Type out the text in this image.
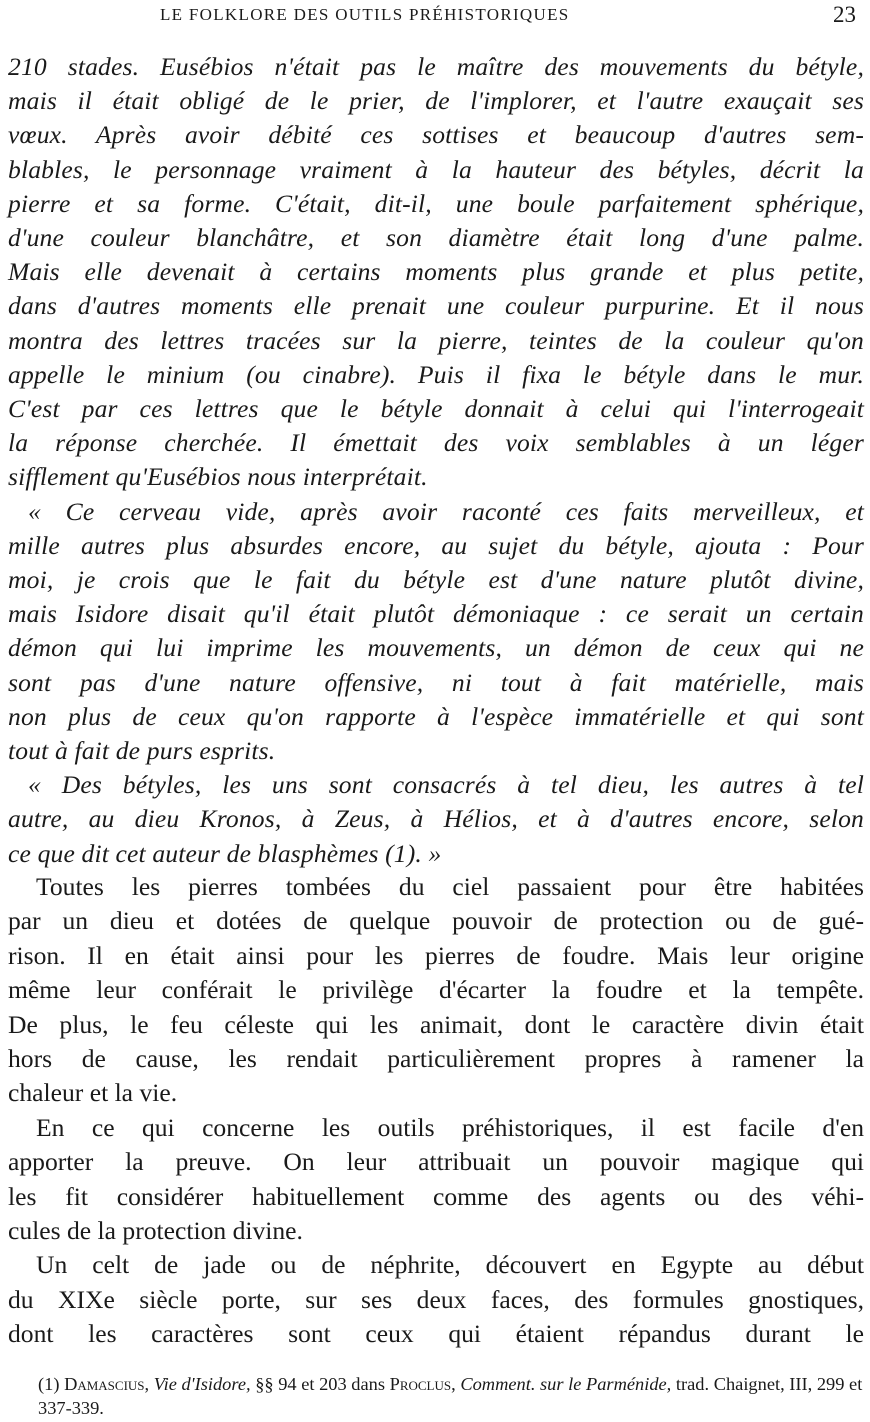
LE FOLKLORE DES OUTILS PRÉHISTORIQUES	23
210 stades. Eusébios n'était pas le maître des mouvements du bétyle,
mais il était obligé de le prier, de l'implorer, et l'autre exauçait ses
vœux. Après avoir débité ces sottises et beaucoup d'autres sem-
blables, le personnage vraiment à la hauteur des bétyles, décrit la
pierre et sa forme. C'était, dit-il, une boule parfaitement sphérique,
d'une couleur blanchâtre, et son diamètre était long d'une palme.
Mais elle devenait à certains moments plus grande et plus petite,
dans d'autres moments elle prenait une couleur purpurine. Et il nous
montra des lettres tracées sur la pierre, teintes de la couleur qu'on
appelle le minium (ou cinabre). Puis il fixa le bétyle dans le mur.
C'est par ces lettres que le bétyle donnait à celui qui l'interrogeait
la réponse cherchée. Il émettait des voix semblables à un léger
sifflement qu'Eusébios nous interprétait.
« Ce cerveau vide, après avoir raconté ces faits merveilleux, et
mille autres plus absurdes encore, au sujet du bétyle, ajouta : Pour
moi, je crois que le fait du bétyle est d'une nature plutôt divine,
mais Isidore disait qu'il était plutôt démoniaque : ce serait un certain
démon qui lui imprime les mouvements, un démon de ceux qui ne
sont pas d'une nature offensive, ni tout à fait matérielle, mais
non plus de ceux qu'on rapporte à l'espèce immatérielle et qui sont
tout à fait de purs esprits.
« Des bétyles, les uns sont consacrés à tel dieu, les autres à tel
autre, au dieu Kronos, à Zeus, à Hélios, et à d'autres encore, selon
ce que dit cet auteur de blasphèmes (1). »
Toutes les pierres tombées du ciel passaient pour être habitées
par un dieu et dotées de quelque pouvoir de protection ou de gué-
rison. Il en était ainsi pour les pierres de foudre. Mais leur origine
même leur conférait le privilège d'écarter la foudre et la tempête.
De plus, le feu céleste qui les animait, dont le caractère divin était
hors de cause, les rendait particulièrement propres à ramener la
chaleur et la vie.
En ce qui concerne les outils préhistoriques, il est facile d'en
apporter la preuve. On leur attribuait un pouvoir magique qui
les fit considérer habituellement comme des agents ou des véhi-
cules de la protection divine.
Un celt de jade ou de néphrite, découvert en Egypte au début
du XIXe siècle porte, sur ses deux faces, des formules gnostiques,
dont les caractères sont ceux qui étaient répandus durant le
(1) Damascius, Vie d'Isidore, §§ 94 et 203 dans Proclus, Comment. sur le Parménide, trad. Chaignet, III, 299 et 337-339.
